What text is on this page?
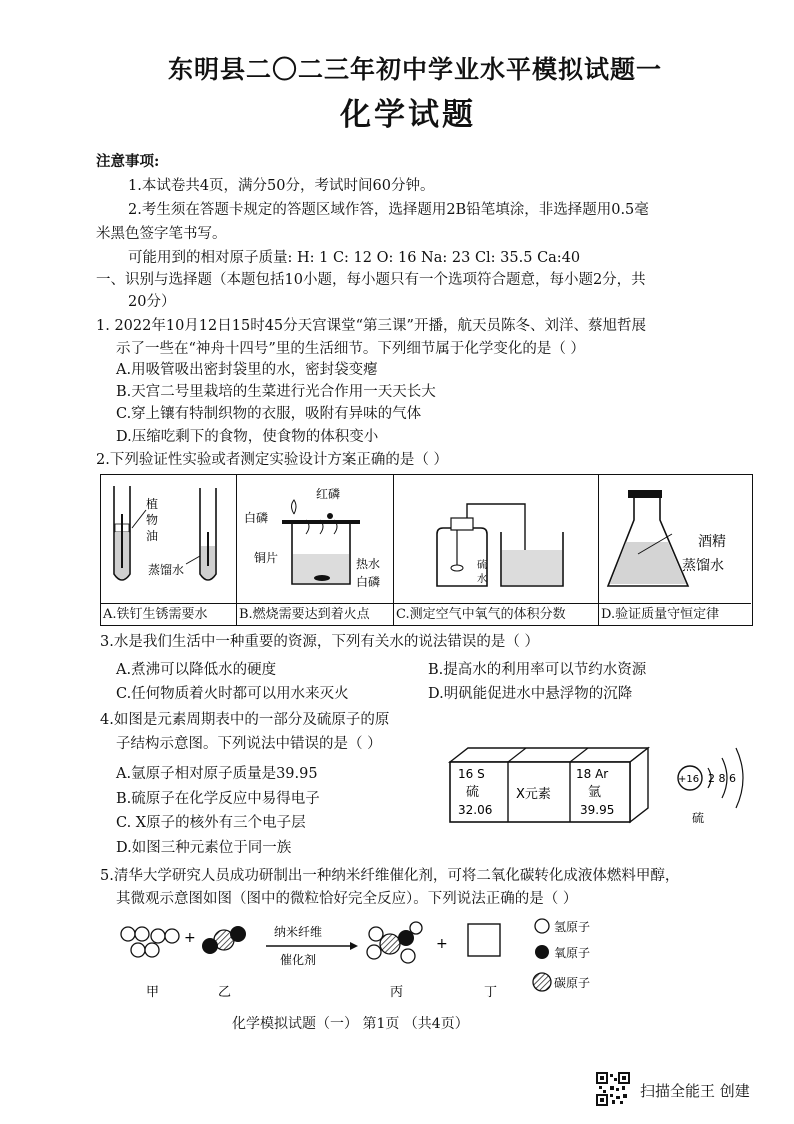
东明县二〇二三年初中学业水平模拟试题一
化学试题
注意事项:
1.本试卷共4页，满分50分，考试时间60分钟。
2.考生须在答题卡规定的答题区域作答，选择题用2B铅笔填涂，非选择题用0.5毫
米黑色签字笔书写。
可能用到的相对原子质量: H: 1 C: 12 O: 16 Na: 23 Cl: 35.5 Ca:40
一、识别与选择题（本题包括10小题，每小题只有一个选项符合题意，每小题2分，共
20分）
1. 2022年10月12日15时45分天宫课堂“第三课”开播，航天员陈冬、刘洋、蔡旭哲展
示了一些在“神舟十四号”里的生活细节。下列细节属于化学变化的是（ ）
A.用吸管吸出密封袋里的水，密封袋变瘪
B.天宫二号里栽培的生菜进行光合作用一天天长大
C.穿上镶有特制织物的衣服，吸附有异味的气体
D.压缩吃剩下的食物，使食物的体积变小
2.下列验证性实验或者测定实验设计方案正确的是（ ）
植
物
油
蒸馏水
A.铁钉生锈需要水
红磷
白磷
铜片	热水
白磷
B.燃烧需要达到着火点
硫
水
C.测定空气中氧气的体积分数
酒精
蒸馏水
D.验证质量守恒定律
3.水是我们生活中一种重要的资源，下列有关水的说法错误的是（ ）
A.煮沸可以降低水的硬度	B.提高水的利用率可以节约水资源
C.任何物质着火时都可以用水来灭火	D.明矾能促进水中悬浮物的沉降
4.如图是元素周期表中的一部分及硫原子的原
子结构示意图。下列说法中错误的是（ ）
A.氩原子相对原子质量是39.95
B.硫原子在化学反应中易得电子
C. X原子的核外有三个电子层
D.如图三种元素位于同一族
16 S
硫
32.06
X元素
18 Ar
氩
39.95
+16 2 8 6
硫
5.清华大学研究人员成功研制出一种纳米纤维催化剂，可将二氧化碳转化成液体燃料甲醇，
其微观示意图如图（图中的微粒恰好完全反应）。下列说法正确的是（ ）
+	纳米纤维
催化剂
+
甲	乙	丙	丁
氢原子
氧原子
碳原子
化学模拟试题（一） 第1页 （共4页）
扫描全能王 创建
